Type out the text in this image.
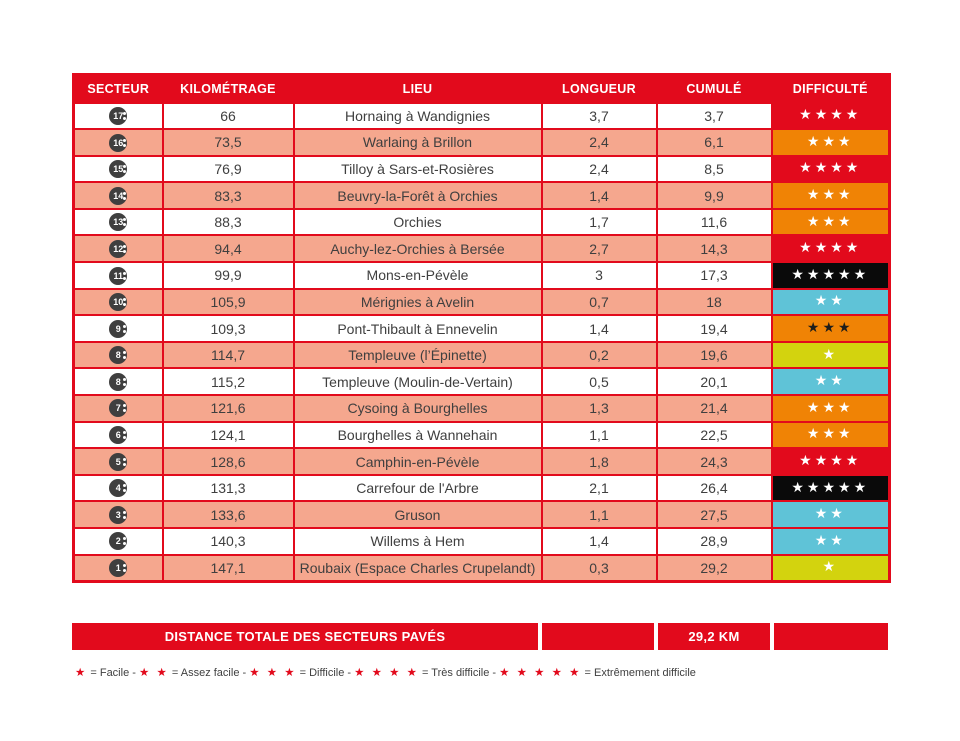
SECTEUR	KILOMÉTRAGE	LIEU	LONGUEUR	CUMULÉ	DIFFICULTÉ
17	66	Hornaing à Wandignies	3,7	3,7	★★★★
16	73,5	Warlaing à Brillon	2,4	6,1	★★★
15	76,9	Tilloy à Sars-et-Rosières	2,4	8,5	★★★★
14	83,3	Beuvry-la-Forêt à Orchies	1,4	9,9	★★★
13	88,3	Orchies	1,7	11,6	★★★
12	94,4	Auchy-lez-Orchies à Bersée	2,7	14,3	★★★★
11	99,9	Mons-en-Pévèle	3	17,3	★★★★★
10	105,9	Mérignies à Avelin	0,7	18	★★
9	109,3	Pont-Thibault à Ennevelin	1,4	19,4	★★★
8	114,7	Templeuve (l’Épinette)	0,2	19,6	★
8	115,2	Templeuve (Moulin-de-Vertain)	0,5	20,1	★★
7	121,6	Cysoing à Bourghelles	1,3	21,4	★★★
6	124,1	Bourghelles à Wannehain	1,1	22,5	★★★
5	128,6	Camphin-en-Pévèle	1,8	24,3	★★★★
4	131,3	Carrefour de l'Arbre	2,1	26,4	★★★★★
3	133,6	Gruson	1,1	27,5	★★
2	140,3	Willems à Hem	1,4	28,9	★★
1	147,1	Roubaix (Espace Charles Crupelandt)	0,3	29,2	★
DISTANCE TOTALE DES SECTEURS PAVÉS	29,2 KM
★ = Facile - ★ ★ = Assez facile - ★ ★ ★ = Difficile - ★ ★ ★ ★ = Très difficile - ★ ★ ★ ★ ★ = Extrêmement difficile
